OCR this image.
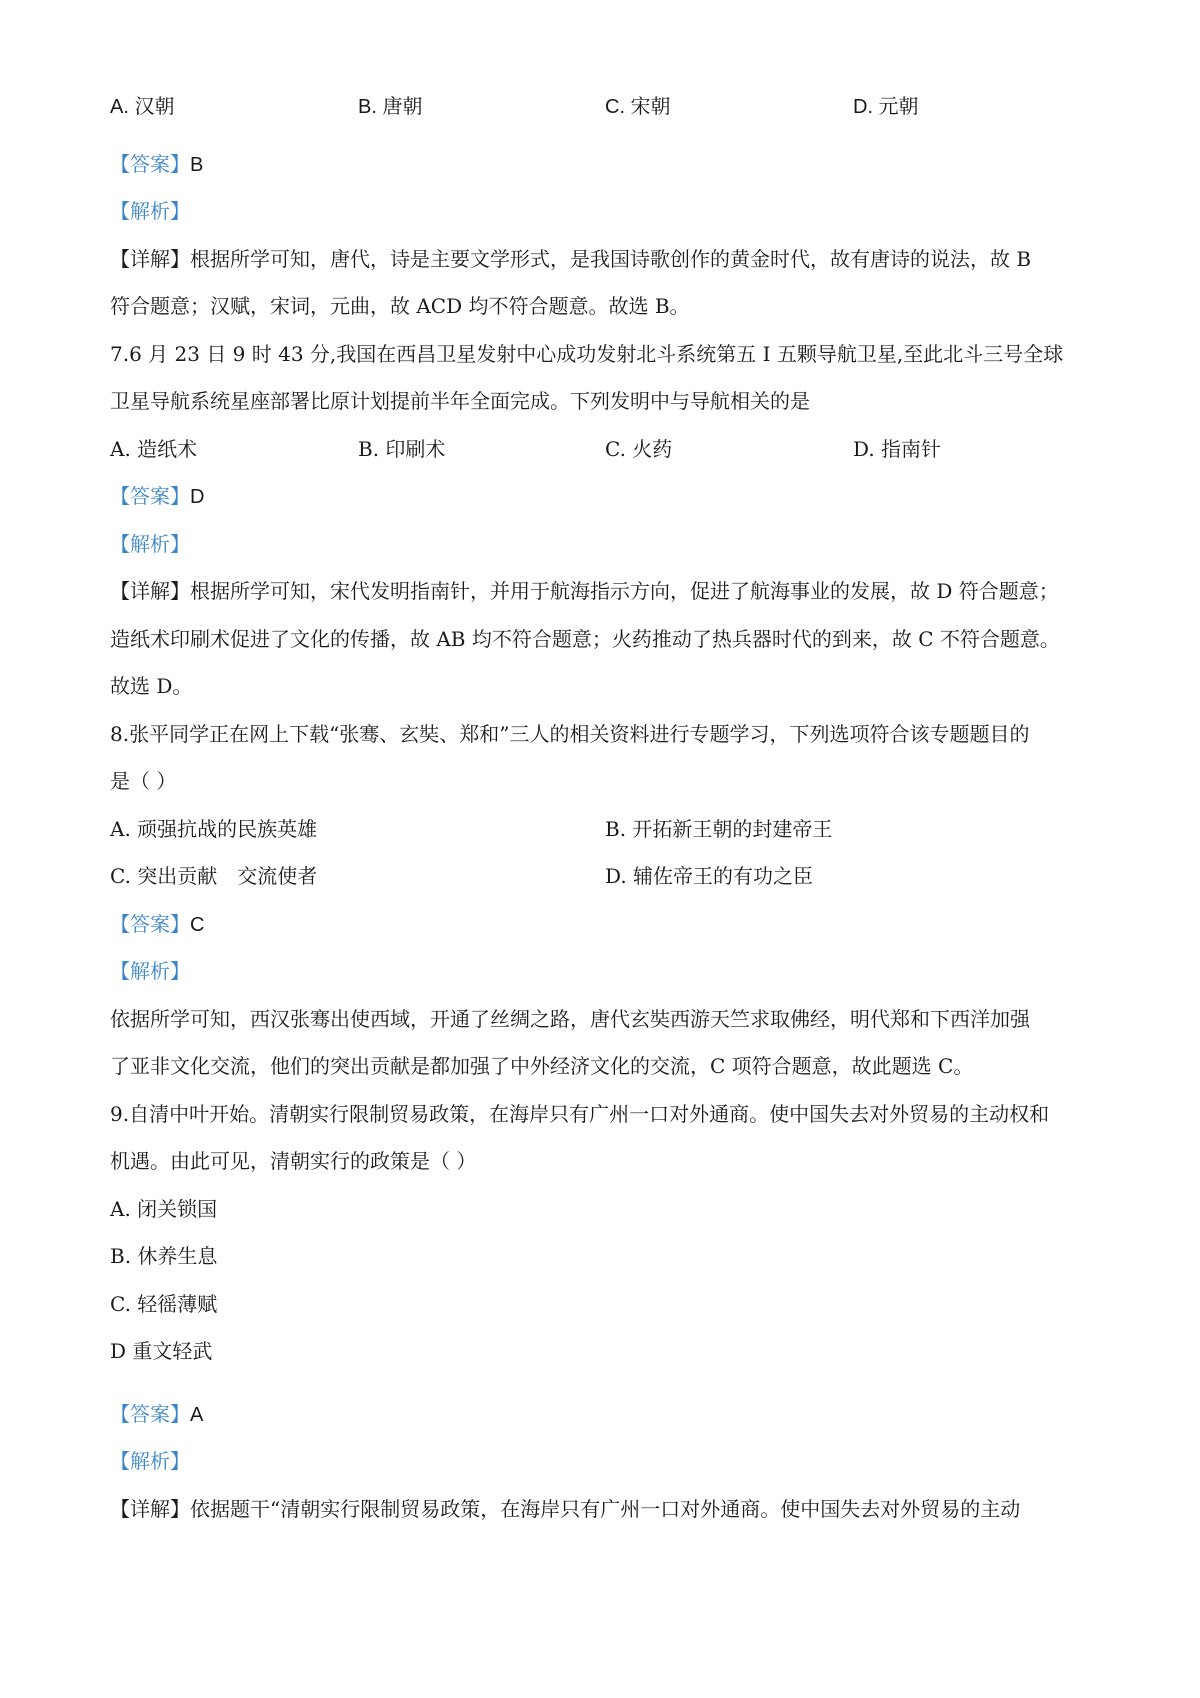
A. 汉朝	B. 唐朝	C. 宋朝	D. 元朝
【答案】B
【解析】
【详解】根据所学可知，唐代，诗是主要文学形式，是我国诗歌创作的黄金时代，故有唐诗的说法，故 B
符合题意；汉赋，宋词，元曲，故 ACD 均不符合题意。故选 B。
7.6 月 23 日 9 时 43 分,我国在西昌卫星发射中心成功发射北斗系统第五 I 五颗导航卫星,至此北斗三号全球
卫星导航系统星座部署比原计划提前半年全面完成。下列发明中与导航相关的是
A. 造纸术	B. 印刷术	C. 火药	D. 指南针
【答案】D
【解析】
【详解】根据所学可知，宋代发明指南针，并用于航海指示方向，促进了航海事业的发展，故 D 符合题意；
造纸术印刷术促进了文化的传播，故 AB 均不符合题意；火药推动了热兵器时代的到来，故 C 不符合题意。
故选 D。
8.张平同学正在网上下载“张骞、玄奘、郑和”三人的相关资料进行专题学习，下列选项符合该专题题目的
是（ ）
A. 顽强抗战的民族英雄	B. 开拓新王朝的封建帝王
C. 突出贡献　交流使者	D. 辅佐帝王的有功之臣
【答案】C
【解析】
依据所学可知，西汉张骞出使西域，开通了丝绸之路，唐代玄奘西游天竺求取佛经，明代郑和下西洋加强
了亚非文化交流，他们的突出贡献是都加强了中外经济文化的交流，C 项符合题意，故此题选 C。
9.自清中叶开始。清朝实行限制贸易政策，在海岸只有广州一口对外通商。使中国失去对外贸易的主动权和
机遇。由此可见，清朝实行的政策是（ ）
A. 闭关锁国
B. 休养生息
C. 轻徭薄赋
D 重文轻武
【答案】A
【解析】
【详解】依据题干“清朝实行限制贸易政策，在海岸只有广州一口对外通商。使中国失去对外贸易的主动
